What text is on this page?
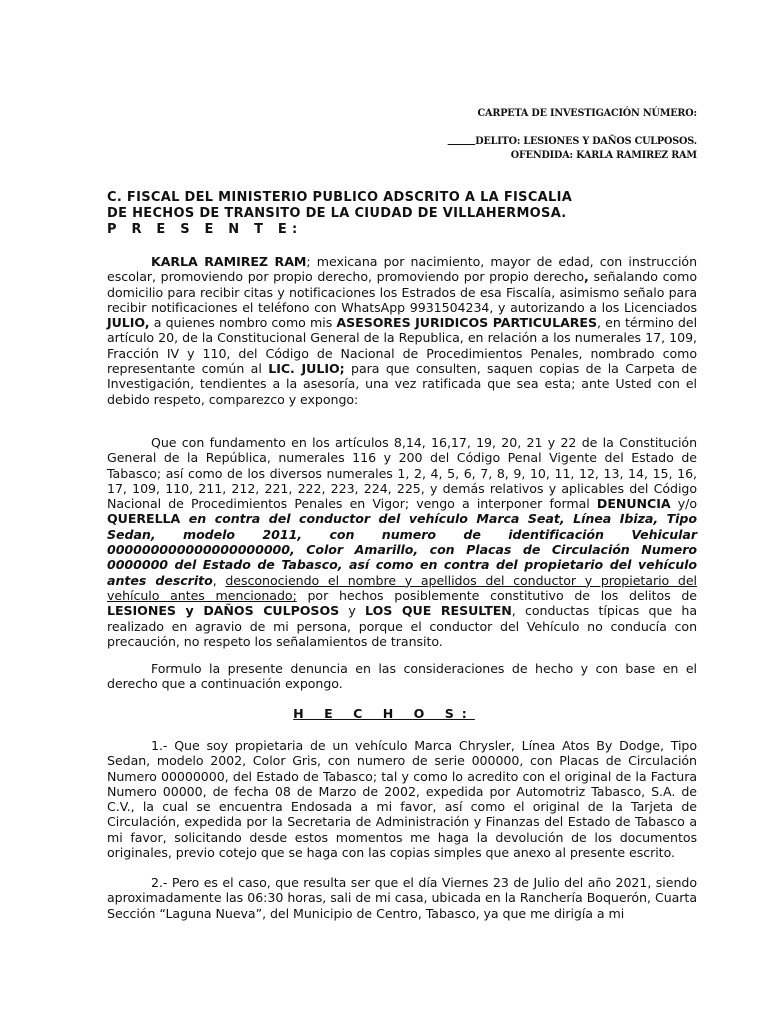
CARPETA DE INVESTIGACIÓN NÚMERO:
DELITO: LESIONES Y DAÑOS CULPOSOS.
OFENDIDA: KARLA RAMIREZ RAM
C. FISCAL DEL MINISTERIO PUBLICO ADSCRITO A LA FISCALIA
DE HECHOS DE TRANSITO DE LA CIUDAD DE VILLAHERMOSA.
P R E S E N T E:
KARLA RAMIREZ RAM; mexicana por nacimiento, mayor de edad, con instrucción escolar, promoviendo por propio derecho, promoviendo por propio derecho, señalando como domicilio para recibir citas y notificaciones los Estrados de esa Fiscalía, asimismo señalo para recibir notificaciones el teléfono con WhatsApp 9931504234, y autorizando a los Licenciados JULIO, a quienes nombro como mis ASESORES JURIDICOS PARTICULARES, en término del artículo 20, de la Constitucional General de la Republica, en relación a los numerales 17, 109, Fracción IV y 110, del Código de Nacional de Procedimientos Penales, nombrado como representante común al LIC. JULIO; para que consulten, saquen copias de la Carpeta de Investigación, tendientes a la asesoría, una vez ratificada que sea esta; ante Usted con el debido respeto, comparezco y expongo:
Que con fundamento en los artículos 8,14, 16,17, 19, 20, 21 y 22 de la Constitución General de la República, numerales 116 y 200 del Código Penal Vigente del Estado de Tabasco; así como de los diversos numerales 1, 2, 4, 5, 6, 7, 8, 9, 10, 11, 12, 13, 14, 15, 16, 17, 109, 110, 211, 212, 221, 222, 223, 224, 225, y demás relativos y aplicables del Código Nacional de Procedimientos Penales en Vigor; vengo a interponer formal DENUNCIA y/o QUERELLA en contra del conductor del vehículo Marca Seat, Línea Ibiza, Tipo Sedan, modelo 2011, con numero de identificación Vehicular 000000000000000000000, Color Amarillo, con Placas de Circulación Numero 0000000 del Estado de Tabasco, así como en contra del propietario del vehículo antes descrito, desconociendo el nombre y apellidos del conductor y propietario del vehículo antes mencionado; por hechos posiblemente constitutivo de los delitos de LESIONES y DAÑOS CULPOSOS y LOS QUE RESULTEN, conductas típicas que ha realizado en agravio de mi persona, porque el conductor del Vehículo no conducía con precaución, no respeto los señalamientos de transito.
Formulo la presente denuncia en las consideraciones de hecho y con base en el derecho que a continuación expongo.
H E C H O S:
1.- Que soy propietaria de un vehículo Marca Chrysler, Línea Atos By Dodge, Tipo Sedan, modelo 2002, Color Gris, con numero de serie 000000, con Placas de Circulación Numero 00000000, del Estado de Tabasco; tal y como lo acredito con el original de la Factura Numero 00000, de fecha 08 de Marzo de 2002, expedida por Automotriz Tabasco, S.A. de C.V., la cual se encuentra Endosada a mi favor, así como el original de la Tarjeta de Circulación, expedida por la Secretaria de Administración y Finanzas del Estado de Tabasco a mi favor, solicitando desde estos momentos me haga la devolución de los documentos originales, previo cotejo que se haga con las copias simples que anexo al presente escrito.
2.- Pero es el caso, que resulta ser que el día Viernes 23 de Julio del año 2021, siendo aproximadamente las 06:30 horas, sali de mi casa, ubicada en la Ranchería Boquerón, Cuarta Sección “Laguna Nueva”, del Municipio de Centro, Tabasco, ya que me dirigía a mi
